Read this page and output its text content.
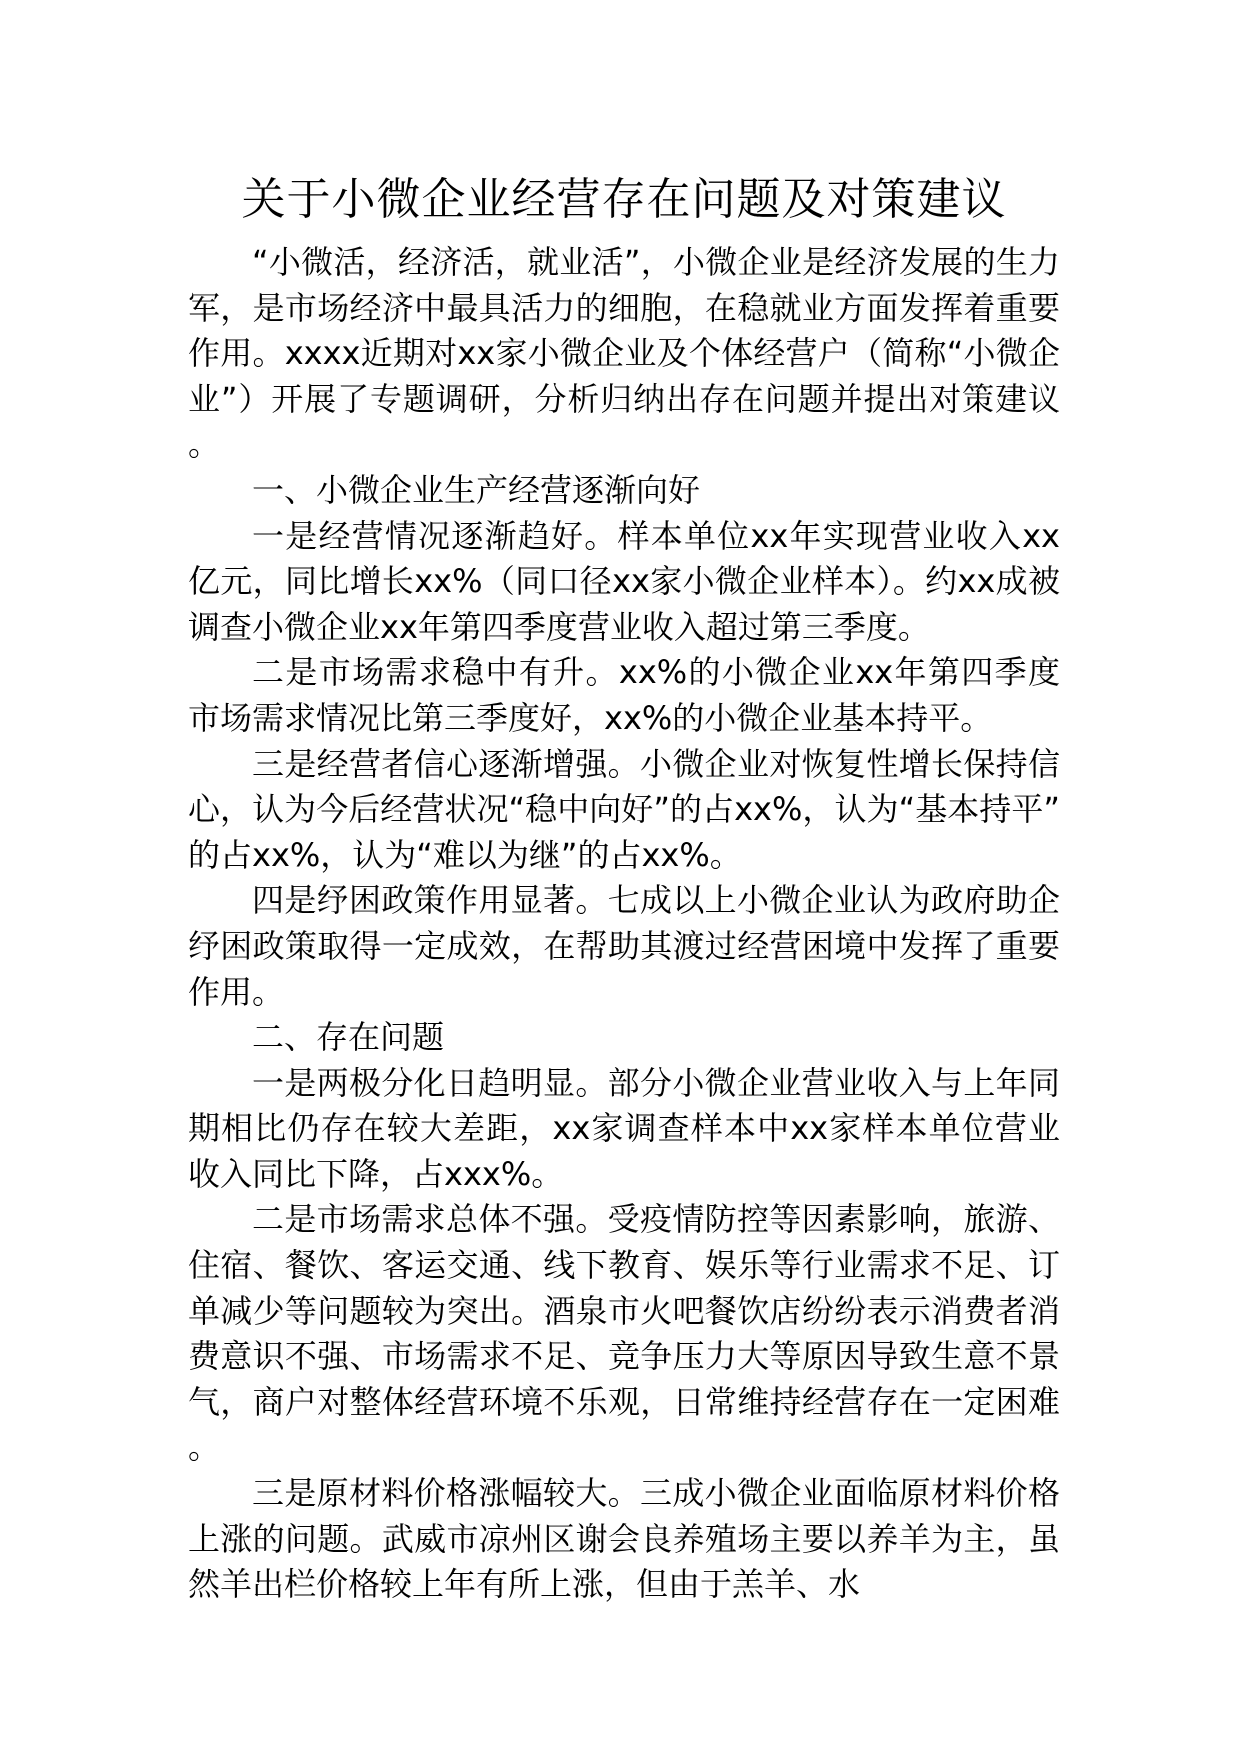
关于小微企业经营存在问题及对策建议

“小微活，经济活，就业活”，小微企业是经济发展的生力军，是市场经济中最具活力的细胞，在稳就业方面发挥着重要作用。xxxx近期对xx家小微企业及个体经营户（简称“小微企业”）开展了专题调研，分析归纳出存在问题并提出对策建议。

一、小微企业生产经营逐渐向好

一是经营情况逐渐趋好。样本单位xx年实现营业收入xx亿元，同比增长xx%（同口径xx家小微企业样本）。约xx成被调查小微企业xx年第四季度营业收入超过第三季度。

二是市场需求稳中有升。xx%的小微企业xx年第四季度市场需求情况比第三季度好，xx%的小微企业基本持平。

三是经营者信心逐渐增强。小微企业对恢复性增长保持信心，认为今后经营状况“稳中向好”的占xx%，认为“基本持平”的占xx%，认为“难以为继”的占xx%。

四是纾困政策作用显著。七成以上小微企业认为政府助企纾困政策取得一定成效，在帮助其渡过经营困境中发挥了重要作用。

二、存在问题

一是两极分化日趋明显。部分小微企业营业收入与上年同期相比仍存在较大差距，xx家调查样本中xx家样本单位营业收入同比下降，占xxx%。

二是市场需求总体不强。受疫情防控等因素影响，旅游、住宿、餐饮、客运交通、线下教育、娱乐等行业需求不足、订单减少等问题较为突出。酒泉市火吧餐饮店纷纷表示消费者消费意识不强、市场需求不足、竞争压力大等原因导致生意不景气，商户对整体经营环境不乐观，日常维持经营存在一定困难。

三是原材料价格涨幅较大。三成小微企业面临原材料价格上涨的问题。武威市凉州区谢会良养殖场主要以养羊为主，虽然羊出栏价格较上年有所上涨，但由于羔羊、水
